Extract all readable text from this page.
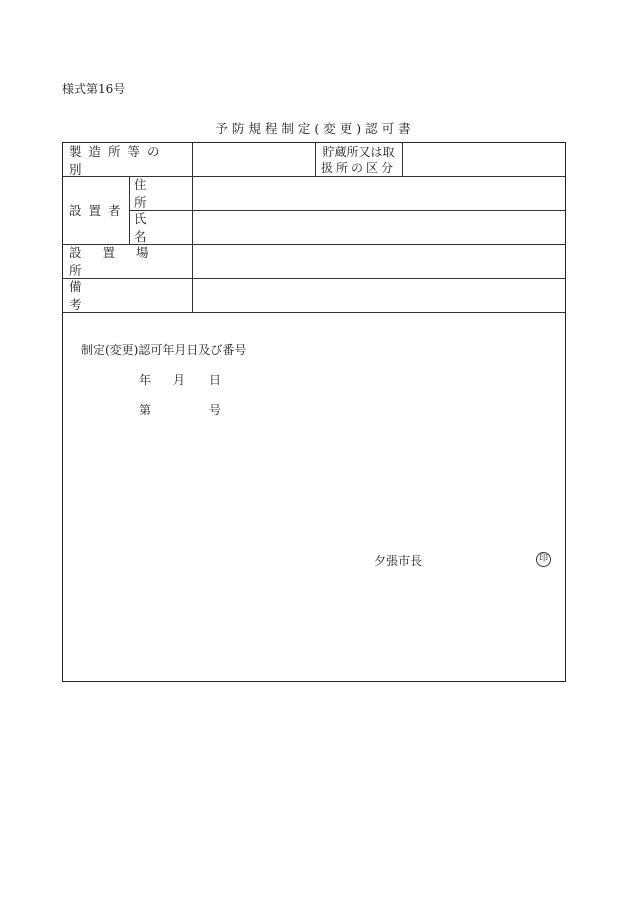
様式第16号
予防規程制定(変更)認可書
製造所等の別
貯蔵所又は取
扱所の区分
設置者
住所
氏名
設置場所
備考
制定(変更)認可年月日及び番号
年 月 日
第	号
夕張市長	印
